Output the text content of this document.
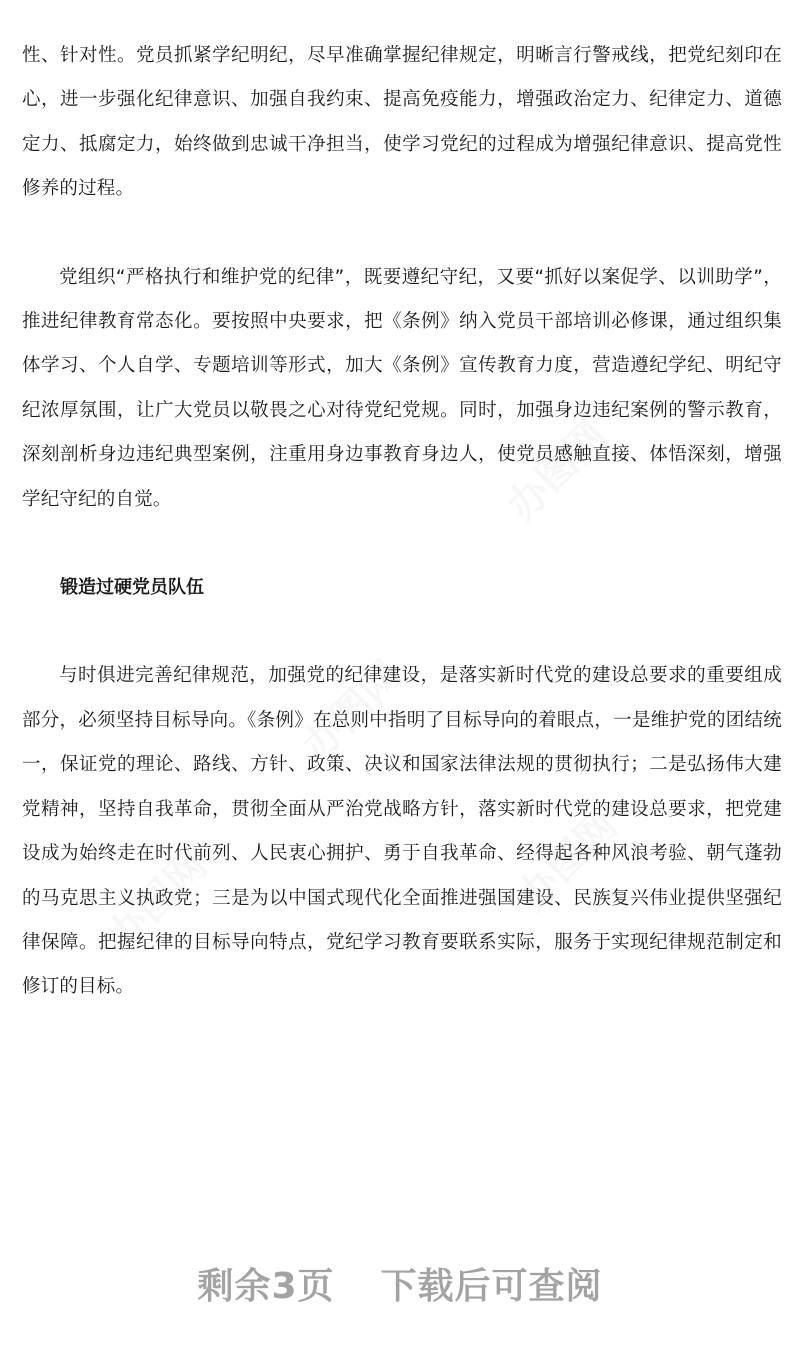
性、针对性。党员抓紧学纪明纪，尽早准确掌握纪律规定，明晰言行警戒线，把党纪刻印在心，进一步强化纪律意识、加强自我约束、提高免疫能力，增强政治定力、纪律定力、道德定力、抵腐定力，始终做到忠诚干净担当，使学习党纪的过程成为增强纪律意识、提高党性修养的过程。

党组织“严格执行和维护党的纪律”，既要遵纪守纪，又要“抓好以案促学、以训助学”，推进纪律教育常态化。要按照中央要求，把《条例》纳入党员干部培训必修课，通过组织集体学习、个人自学、专题培训等形式，加大《条例》宣传教育力度，营造遵纪学纪、明纪守纪浓厚氛围，让广大党员以敬畏之心对待党纪党规。同时，加强身边违纪案例的警示教育，深刻剖析身边违纪典型案例，注重用身边事教育身边人，使党员感触直接、体悟深刻，增强学纪守纪的自觉。

锻造过硬党员队伍

与时俱进完善纪律规范，加强党的纪律建设，是落实新时代党的建设总要求的重要组成部分，必须坚持目标导向。《条例》在总则中指明了目标导向的着眼点，一是维护党的团结统一，保证党的理论、路线、方针、政策、决议和国家法律法规的贯彻执行；二是弘扬伟大建党精神，坚持自我革命，贯彻全面从严治党战略方针，落实新时代党的建设总要求，把党建设成为始终走在时代前列、人民衷心拥护、勇于自我革命、经得起各种风浪考验、朝气蓬勃的马克思主义执政党；三是为以中国式现代化全面推进强国建设、民族复兴伟业提供坚强纪律保障。把握纪律的目标导向特点，党纪学习教育要联系实际，服务于实现纪律规范制定和修订的目标。

剩余3页 下载后可查阅
